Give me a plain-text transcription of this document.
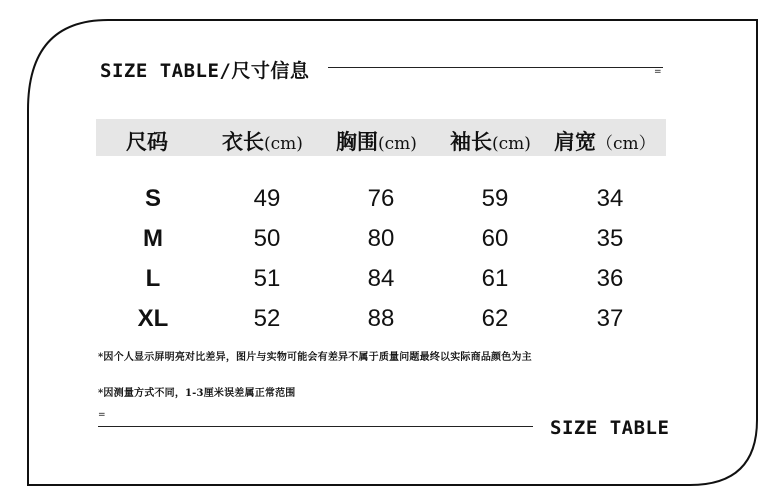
SIZE TABLE/尺寸信息	=
尺码	衣长(cm) 胸围(cm) 袖长(cm) 肩宽（cm）
S	49	76	59	34
M	50	80	60	35
L	51	84	61	36
XL	52	88	62	37
*因个人显示屏明亮对比差异，图片与实物可能会有差异不属于质量问题最终以实际商品颜色为主
*因测量方式不同，1-3厘米误差属正常范围
=
SIZE TABLE
